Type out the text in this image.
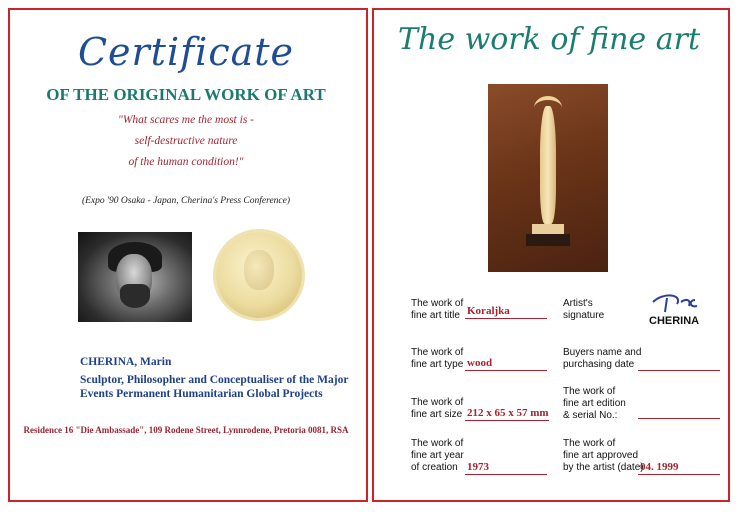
Certificate
OF THE ORIGINAL WORK OF ART
"What scares me the most is -
self-destructive nature
of the human condition!"
(Expo '90 Osaka - Japan, Cherina's Press Conference)
CHERINA, Marin
Sculptor, Philosopher and Conceptualiser of the Major Events Permanent Humanitarian Global Projects
Residence 16 "Die Ambassade", 109 Rodene Street, Lynnrodene, Pretoria 0081, RSA
The work of fine art
The work of
fine art title Koraljka
The work of
fine art type wood
The work of
fine art size 212 x 65 x 57 mm
The work of
fine art year
of creation 1973
Artist's
signature	CHERINA
Buyers name and
purchasing date
The work of
fine art edition
& serial No.:
The work of
fine art approved
by the artist (date)
04. 1999
